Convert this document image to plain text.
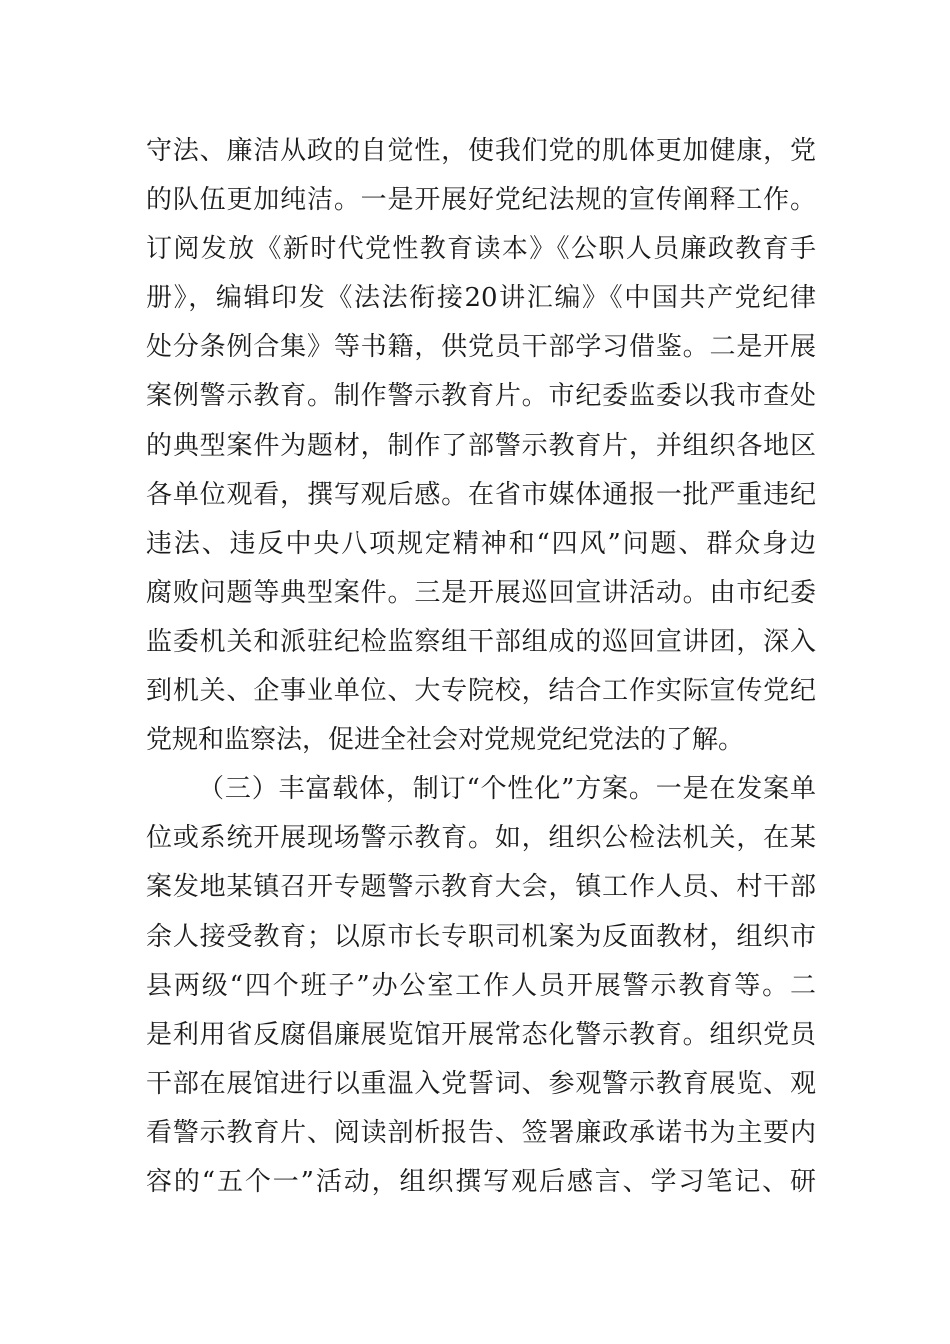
守法、廉洁从政的自觉性，使我们党的肌体更加健康，党
的队伍更加纯洁。一是开展好党纪法规的宣传阐释工作。
订阅发放《新时代党性教育读本》《公职人员廉政教育手
册》，编辑印发《法法衔接20讲汇编》《中国共产党纪律
处分条例合集》等书籍，供党员干部学习借鉴。二是开展
案例警示教育。制作警示教育片。市纪委监委以我市查处
的典型案件为题材，制作了部警示教育片，并组织各地区
各单位观看，撰写观后感。在省市媒体通报一批严重违纪
违法、违反中央八项规定精神和“四风”问题、群众身边
腐败问题等典型案件。三是开展巡回宣讲活动。由市纪委
监委机关和派驻纪检监察组干部组成的巡回宣讲团，深入
到机关、企事业单位、大专院校，结合工作实际宣传党纪
党规和监察法，促进全社会对党规党纪党法的了解。
（三）丰富载体，制订“个性化”方案。一是在发案单
位或系统开展现场警示教育。如，组织公检法机关，在某
案发地某镇召开专题警示教育大会，镇工作人员、村干部
余人接受教育；以原市长专职司机案为反面教材，组织市
县两级“四个班子”办公室工作人员开展警示教育等。二
是利用省反腐倡廉展览馆开展常态化警示教育。组织党员
干部在展馆进行以重温入党誓词、参观警示教育展览、观
看警示教育片、阅读剖析报告、签署廉政承诺书为主要内
容的“五个一”活动，组织撰写观后感言、学习笔记、研
